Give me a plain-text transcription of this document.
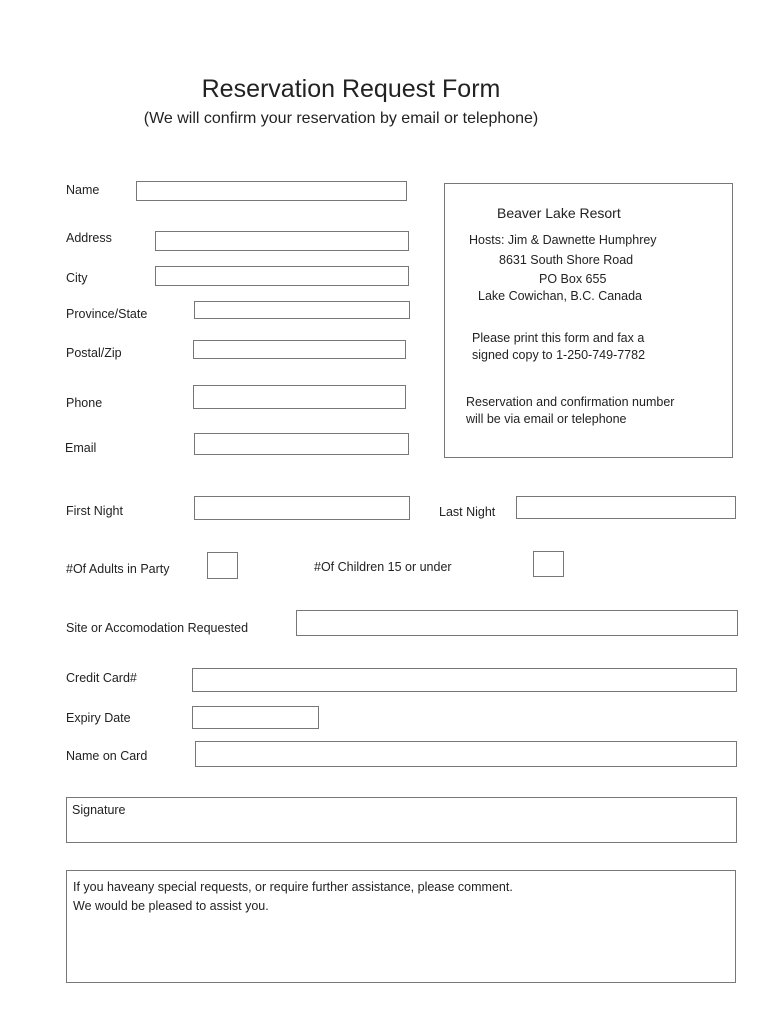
Reservation Request Form
(We will confirm your reservation by email or telephone)
Name
Address
City
Province/State
Postal/Zip
Phone
Email
Beaver Lake Resort
Hosts: Jim & Dawnette Humphrey
8631 South Shore Road
PO Box 655
Lake Cowichan, B.C. Canada
Please print this form and fax a
signed copy to 1-250-749-7782
Reservation and confirmation number
will be via email or telephone
First Night	Last Night
#Of Adults in Party	#Of Children 15 or under
Site or Accomodation Requested
Credit Card#
Expiry Date
Name on Card
Signature
If you haveany special requests, or require further assistance, please comment.
We would be pleased to assist you.
